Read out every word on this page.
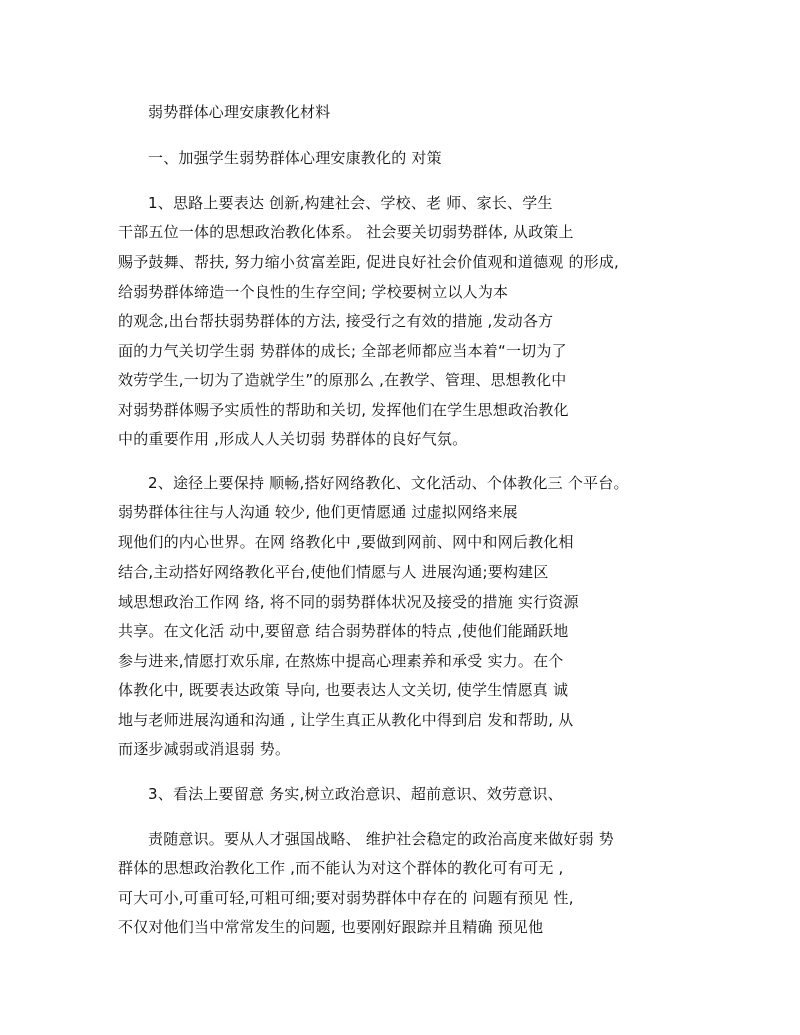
弱势群体心理安康教化材料
一、加强学生弱势群体心理安康教化的 对策
1、思路上要表达 创新,构建社会、学校、老 师、家长、学生
干部五位一体的思想政治教化体系。 社会要关切弱势群体, 从政策上
赐予鼓舞、帮扶, 努力缩小贫富差距, 促进良好社会价值观和道德观 的形成,
给弱势群体缔造一个良性的生存空间; 学校要树立以人为本
的观念,出台帮扶弱势群体的方法, 接受行之有效的措施 ,发动各方
面的力气关切学生弱 势群体的成长; 全部老师都应当本着“一切为了
效劳学生,一切为了造就学生”的原那么 ,在教学、管理、思想教化中
对弱势群体赐予实质性的帮助和关切, 发挥他们在学生思想政治教化
中的重要作用 ,形成人人关切弱 势群体的良好气氛。
2、途径上要保持 顺畅,搭好网络教化、文化活动、个体教化三 个平台。
弱势群体往往与人沟通 较少, 他们更情愿通 过虚拟网络来展
现他们的内心世界。在网 络教化中 ,要做到网前、网中和网后教化相
结合,主动搭好网络教化平台,使他们情愿与人 进展沟通;要构建区
域思想政治工作网 络, 将不同的弱势群体状况及接受的措施 实行资源
共享。在文化活 动中,要留意 结合弱势群体的特点 ,使他们能踊跃地
参与进来,情愿打欢乐扉, 在熬炼中提高心理素养和承受 实力。在个
体教化中, 既要表达政策 导向, 也要表达人文关切, 使学生情愿真 诚
地与老师进展沟通和沟通 , 让学生真正从教化中得到启 发和帮助, 从
而逐步减弱或消退弱 势。
3、看法上要留意 务实,树立政治意识、超前意识、效劳意识、
责随意识。要从人才强国战略、 维护社会稳定的政治高度来做好弱 势
群体的思想政治教化工作 ,而不能认为对这个群体的教化可有可无 ,
可大可小,可重可轻,可粗可细;要对弱势群体中存在的 问题有预见 性,
不仅对他们当中常常发生的问题, 也要刚好跟踪并且精确 预见他
